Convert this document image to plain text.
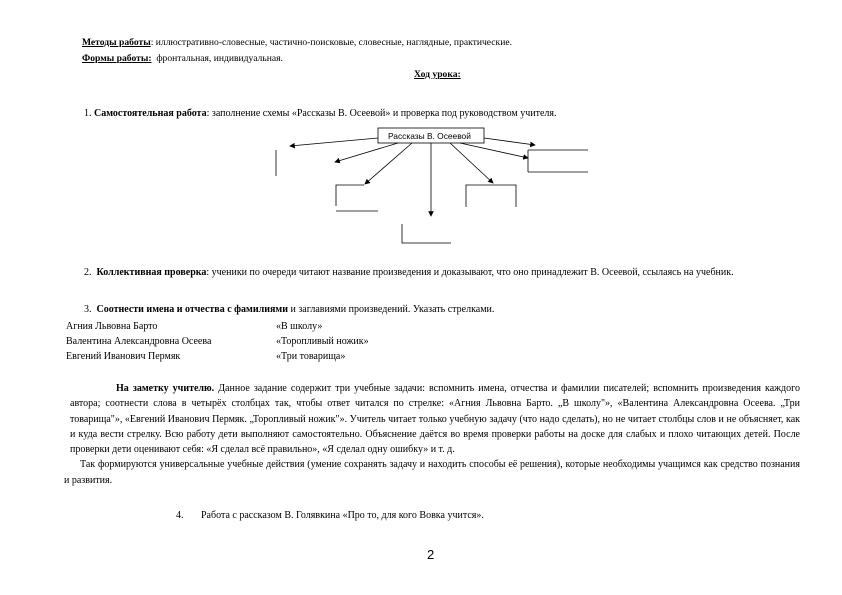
Методы работы: иллюстративно-словесные, частично-поисковые, словесные, наглядные, практические.
Формы работы: фронтальная, индивидуальная.
Ход урока:
1. Самостоятельная работа: заполнение схемы «Рассказы В. Осеевой» и проверка под руководством учителя.
Рассказы В. Осеевой
2. Коллективная проверка: ученики по очереди читают название произведения и доказывают, что оно принадлежит В. Осеевой, ссылаясь на учебник.
3. Соотнести имена и отчества с фамилиями и заглавиями произведений. Указать стрелками.
Агния Львовна Барто
Валентина Александровна Осеева
Евгений Иванович Пермяк
«В школу»
«Торопливый ножик»
«Три товарища»

На заметку учителю. Данное задание содержит три учебные задачи: вспомнить имена, отчества и фамилии писателей; вспомнить произведения каждого автора; соотнести слова в четырёх столбцах так, чтобы ответ читался по стрелке: «Агния Львовна Барто. „В школу"», «Валентина Александровна Осеева. „Три товарища"», «Евгений Иванович Пермяк. „Торопливый ножик"». Учитель читает только учебную задачу (что надо сделать), но не читает столбцы слов и не объясняет, как и куда вести стрелку. Всю работу дети выполняют самостоятельно. Объяснение даётся во время проверки работы на доске для слабых и плохо читающих детей. После проверки дети оценивают себя: «Я сделал всё правильно», «Я сделал одну ошибку» и т. д.

Так формируются универсальные учебные действия (умение сохранять задачу и находить способы её решения), которые необходимы учащимся как средство познания и развития.

4. Работа с рассказом В. Голявкина «Про то, для кого Вовка учится».
2
